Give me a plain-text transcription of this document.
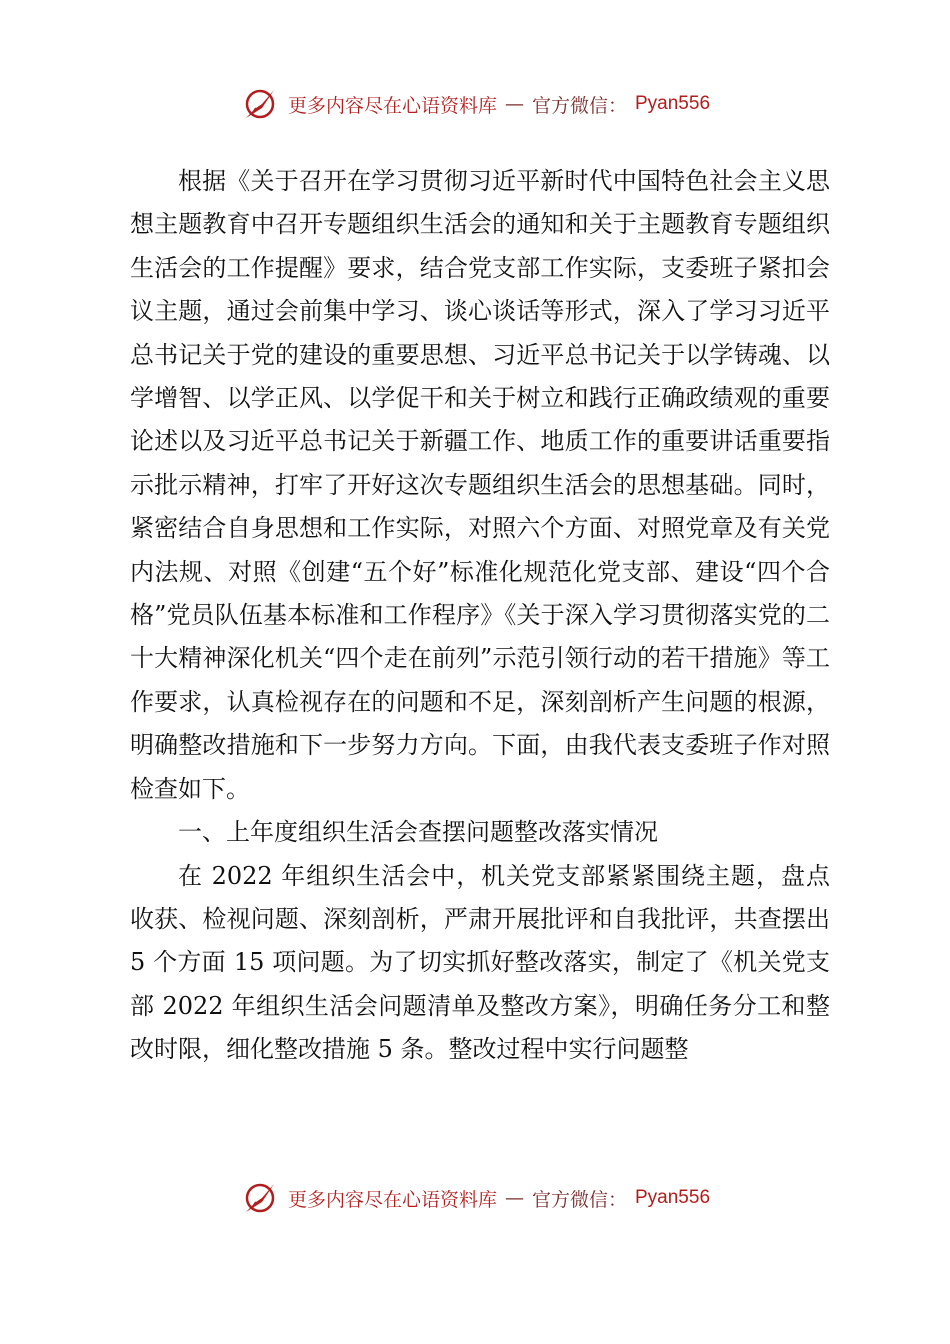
更多内容尽在心语资料库 — 官方微信： Pyan556

根据《关于召开在学习贯彻习近平新时代中国特色社会主义思想主题教育中召开专题组织生活会的通知和关于主题教育专题组织生活会的工作提醒》要求，结合党支部工作实际，支委班子紧扣会议主题，通过会前集中学习、谈心谈话等形式，深入了学习习近平总书记关于党的建设的重要思想、习近平总书记关于以学铸魂、以学增智、以学正风、以学促干和关于树立和践行正确政绩观的重要论述以及习近平总书记关于新疆工作、地质工作的重要讲话重要指示批示精神，打牢了开好这次专题组织生活会的思想基础。同时，紧密结合自身思想和工作实际，对照六个方面、对照党章及有关党内法规、对照《创建“五个好”标准化规范化党支部、建设“四个合格”党员队伍基本标准和工作程序》《关于深入学习贯彻落实党的二十大精神深化机关“四个走在前列”示范引领行动的若干措施》等工作要求，认真检视存在的问题和不足，深刻剖析产生问题的根源，明确整改措施和下一步努力方向。下面，由我代表支委班子作对照检查如下。

一、上年度组织生活会查摆问题整改落实情况

在 2022 年组织生活会中，机关党支部紧紧围绕主题，盘点收获、检视问题、深刻剖析，严肃开展批评和自我批评，共查摆出 5 个方面 15 项问题。为了切实抓好整改落实，制定了《机关党支部 2022 年组织生活会问题清单及整改方案》，明确任务分工和整改时限，细化整改措施 5 条。整改过程中实行问题整

更多内容尽在心语资料库 — 官方微信： Pyan556
